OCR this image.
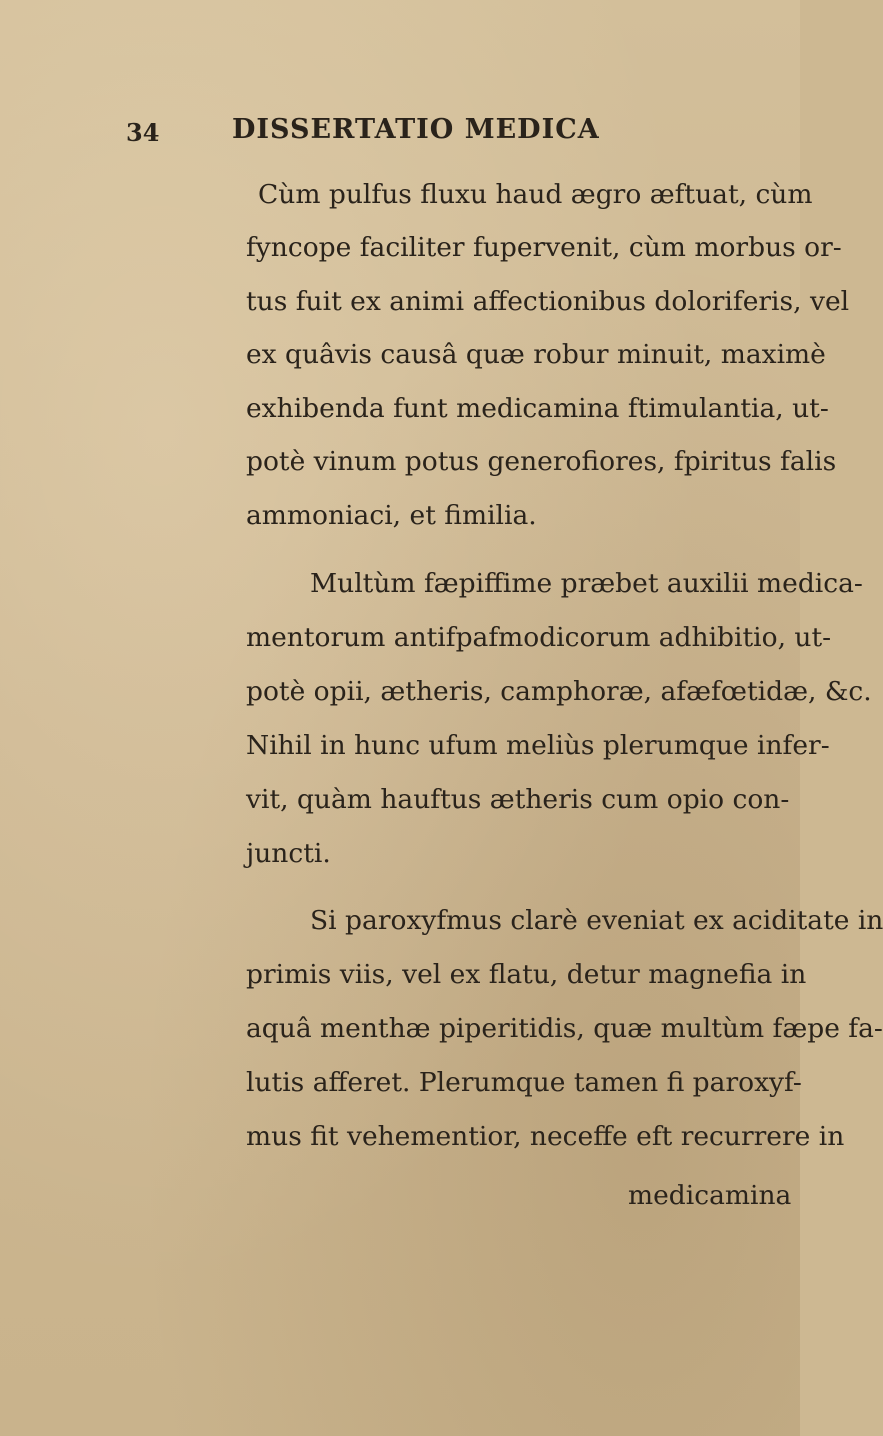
34	DISSERTATIO MEDICA
Cùm pulfus fluxu haud ægro æftuat, cùm
fyncope faciliter fupervenit, cùm morbus or-
tus fuit ex animi affectionibus doloriferis, vel
ex quâvis causâ quæ robur minuit, maximè
exhibenda funt medicamina ftimulantia, ut-
potè vinum potus generofiores, fpiritus falis
ammoniaci, et fimilia.
Multùm fæpiffime præbet auxilii medica-
mentorum antifpafmodicorum adhibitio, ut-
potè opii, ætheris, camphoræ, afæfœtidæ, &c.
Nihil in hunc ufum meliùs plerumque infer-
vit, quàm hauftus ætheris cum opio con-
juncti.
Si paroxyfmus clarè eveniat ex aciditate in
primis viis, vel ex flatu, detur magnefia in
aquâ menthæ piperitidis, quæ multùm fæpe fa-
lutis afferet. Plerumque tamen fi paroxyf-
mus fit vehementior, neceffe eft recurrere in
medicamina
